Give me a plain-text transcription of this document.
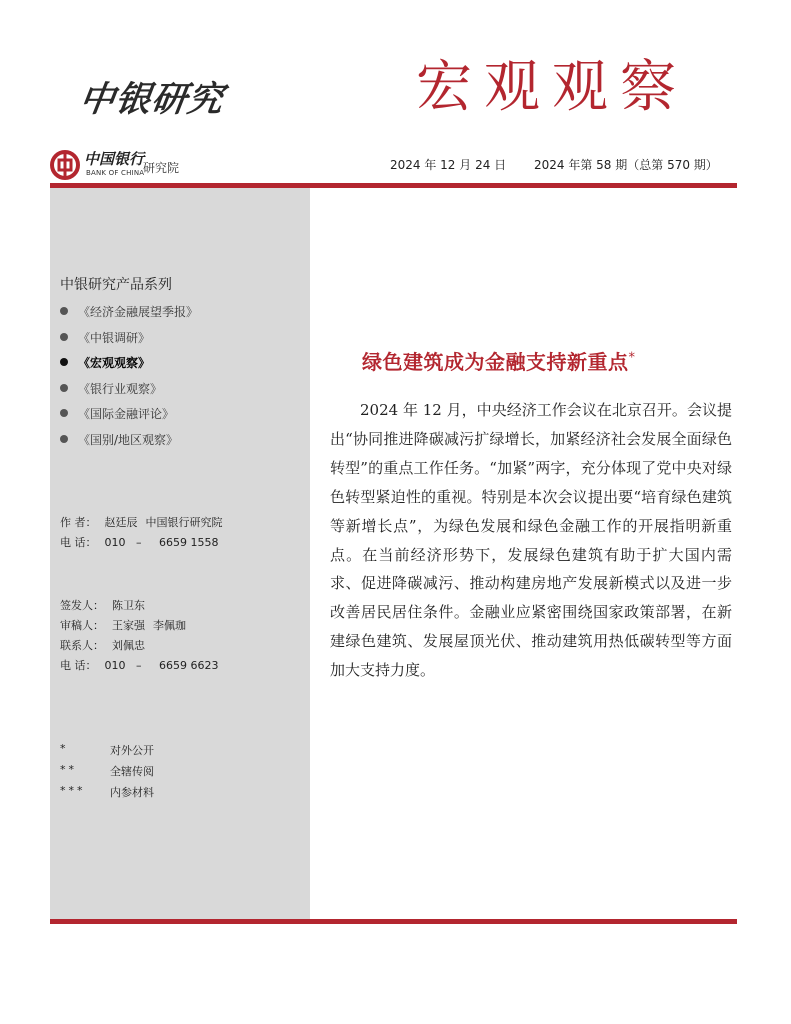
中银研究	宏观观察
中国银行
BANK OF CHINA
研究院	2024 年 12 月 24 日 2024 年第 58 期（总第 570 期）
中银研究产品系列
《经济金融展望季报》
《中银调研》
《宏观观察》
《银行业观察》
《国际金融评论》
《国别/地区观察》
作 者： 赵廷辰 中国银行研究院
电 话： 010   –     6659 1558
签发人： 陈卫东
审稿人： 王家强 李佩珈
联系人： 刘佩忠
电 话： 010   –     6659 6623
*	对外公开
**	全辖传阅
***	内参材料
绿色建筑成为金融支持新重点*

2024 年 12 月，中央经济工作会议在北京召开。会议提出“协同推进降碳减污扩绿增长，加紧经济社会发展全面绿色转型”的重点工作任务。“加紧”两字，充分体现了党中央对绿色转型紧迫性的重视。特别是本次会议提出要“培育绿色建筑等新增长点”，为绿色发展和绿色金融工作的开展指明新重点。在当前经济形势下，发展绿色建筑有助于扩大国内需求、促进降碳减污、推动构建房地产发展新模式以及进一步改善居民居住条件。金融业应紧密围绕国家政策部署，在新建绿色建筑、发展屋顶光伏、推动建筑用热低碳转型等方面加大支持力度。
